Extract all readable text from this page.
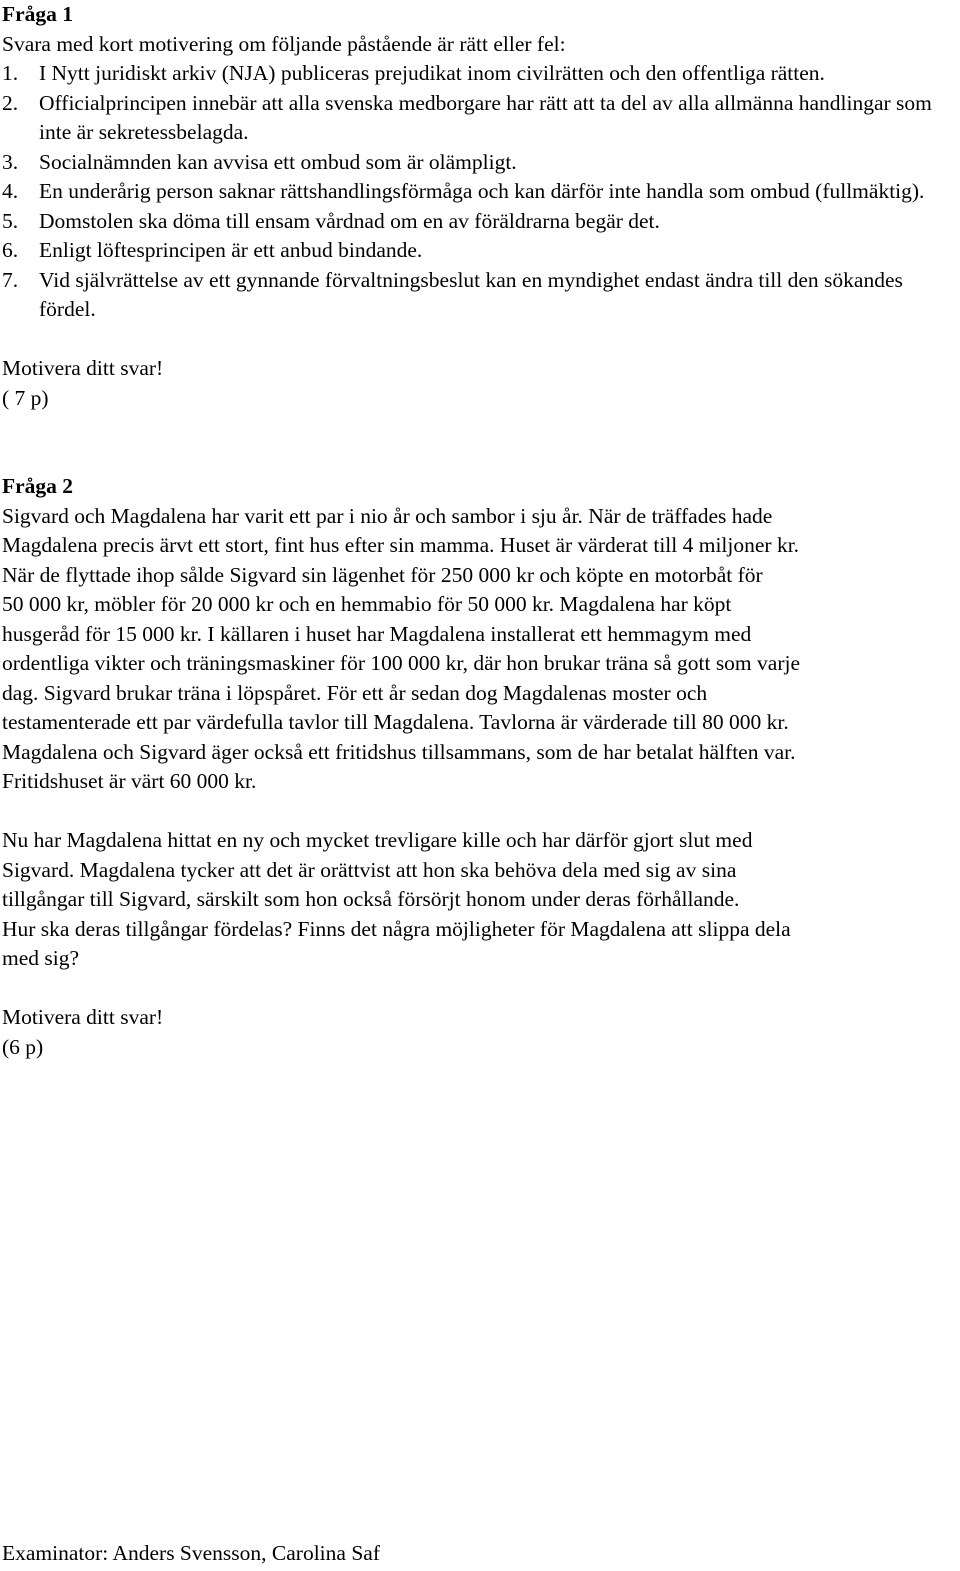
Fråga 1

Svara med kort motivering om följande påstående är rätt eller fel:

1. I Nytt juridiskt arkiv (NJA) publiceras prejudikat inom civilrätten och den offentliga rätten.
2. Officialprincipen innebär att alla svenska medborgare har rätt att ta del av alla allmänna handlingar som inte är sekretessbelagda.
3. Socialnämnden kan avvisa ett ombud som är olämpligt.
4. En underårig person saknar rättshandlingsförmåga och kan därför inte handla som ombud (fullmäktig).
5. Domstolen ska döma till ensam vårdnad om en av föräldrarna begär det.
6. Enligt löftesprincipen är ett anbud bindande.
7. Vid självrättelse av ett gynnande förvaltningsbeslut kan en myndighet endast ändra till den sökandes fördel.

Motivera ditt svar!

( 7 p)

Fråga 2

Sigvard och Magdalena har varit ett par i nio år och sambor i sju år. När de träffades hade

Magdalena precis ärvt ett stort, fint hus efter sin mamma. Huset är värderat till 4 miljoner kr.

När de flyttade ihop sålde Sigvard sin lägenhet för 250 000 kr och köpte en motorbåt för

50 000 kr, möbler för 20 000 kr och en hemmabio för 50 000 kr. Magdalena har köpt

husgeråd för 15 000 kr. I källaren i huset har Magdalena installerat ett hemmagym med

ordentliga vikter och träningsmaskiner för 100 000 kr, där hon brukar träna så gott som varje

dag. Sigvard brukar träna i löpspåret. För ett år sedan dog Magdalenas moster och

testamenterade ett par värdefulla tavlor till Magdalena. Tavlorna är värderade till 80 000 kr.

Magdalena och Sigvard äger också ett fritidshus tillsammans, som de har betalat hälften var.

Fritidshuset är värt 60 000 kr.

Nu har Magdalena hittat en ny och mycket trevligare kille och har därför gjort slut med

Sigvard. Magdalena tycker att det är orättvist att hon ska behöva dela med sig av sina

tillgångar till Sigvard, särskilt som hon också försörjt honom under deras förhållande.

Hur ska deras tillgångar fördelas? Finns det några möjligheter för Magdalena att slippa dela

med sig?

Motivera ditt svar!

(6 p)

Examinator: Anders Svensson, Carolina Saf
